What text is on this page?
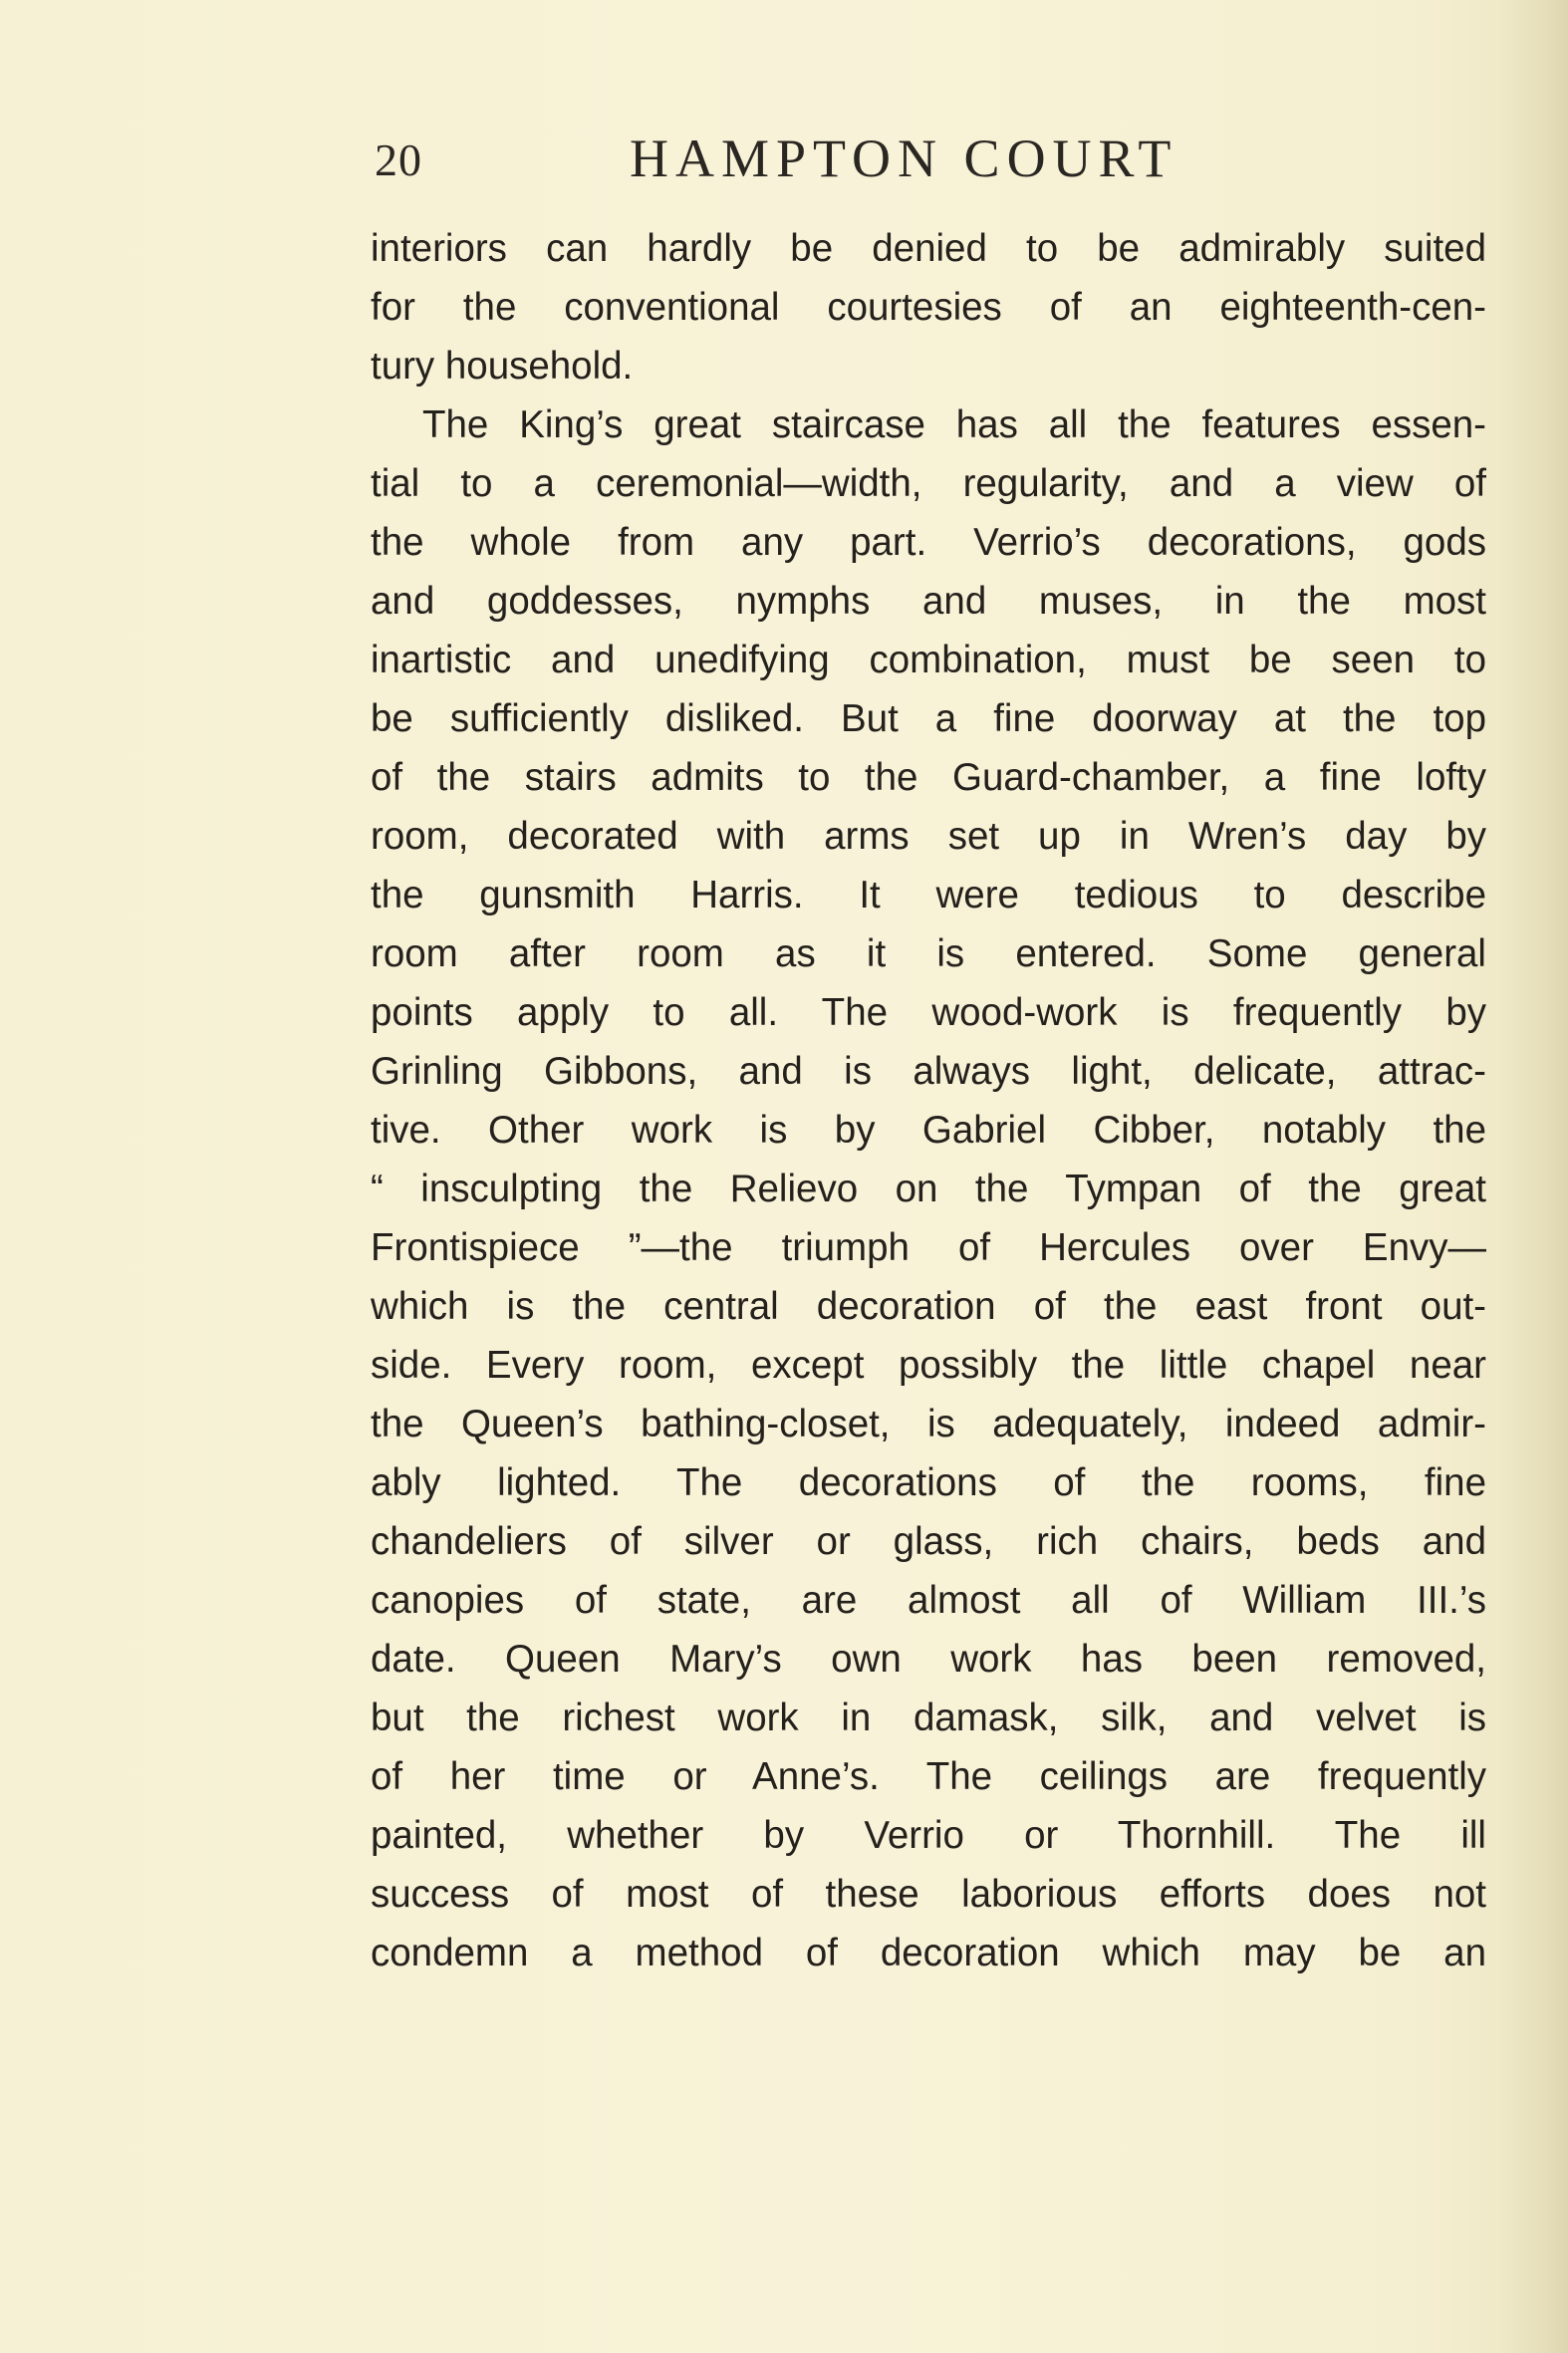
20	HAMPTON COURT
interiors can hardly be denied to be admirably suited
for the conventional courtesies of an eighteenth-cen-
tury household.
The King’s great staircase has all the features essen-
tial to a ceremonial—width, regularity, and a view of
the whole from any part. Verrio’s decorations, gods
and goddesses, nymphs and muses, in the most
inartistic and unedifying combination, must be seen to
be sufficiently disliked. But a fine doorway at the top
of the stairs admits to the Guard-chamber, a fine lofty
room, decorated with arms set up in Wren’s day by
the gunsmith Harris. It were tedious to describe
room after room as it is entered. Some general
points apply to all. The wood-work is frequently by
Grinling Gibbons, and is always light, delicate, attrac-
tive. Other work is by Gabriel Cibber, notably the
“ insculpting the Relievo on the Tympan of the great
Frontispiece ”—the triumph of Hercules over Envy—
which is the central decoration of the east front out-
side. Every room, except possibly the little chapel near
the Queen’s bathing-closet, is adequately, indeed admir-
ably lighted. The decorations of the rooms, fine
chandeliers of silver or glass, rich chairs, beds and
canopies of state, are almost all of William III.’s
date. Queen Mary’s own work has been removed,
but the richest work in damask, silk, and velvet is
of her time or Anne’s. The ceilings are frequently
painted, whether by Verrio or Thornhill. The ill
success of most of these laborious efforts does not
condemn a method of decoration which may be an
